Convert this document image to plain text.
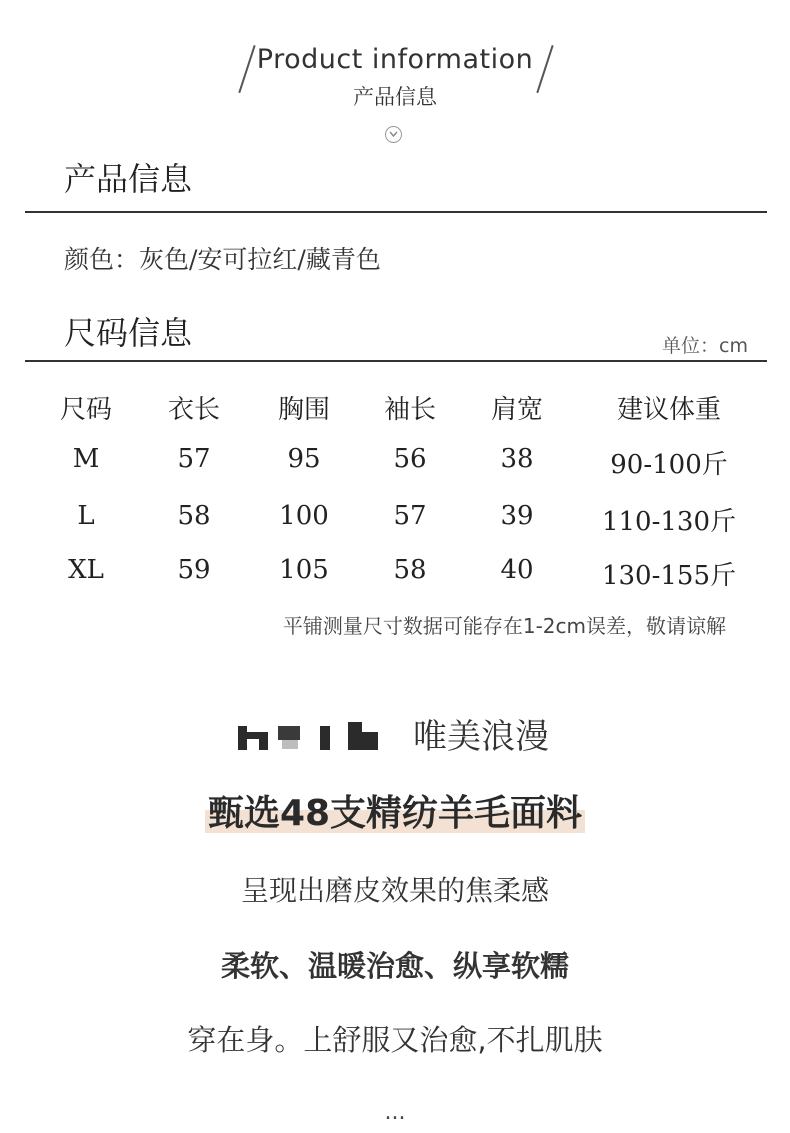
Product information
产品信息
产品信息
颜色：灰色/安可拉红/藏青色
尺码信息	单位：cm
尺码	衣长	胸围	袖长	肩宽	建议体重
M	57	95	56	38	90-100斤
L	58	100	57	39	110-130斤
XL	59	105	58	40	130-155斤
平铺测量尺寸数据可能存在1-2cm误差，敬请谅解
唯美浪漫
甄选48支精纺羊毛面料
呈现出磨皮效果的焦柔感
柔软、温暖治愈、纵享软糯
穿在身。上舒服又治愈,不扎肌肤
...
